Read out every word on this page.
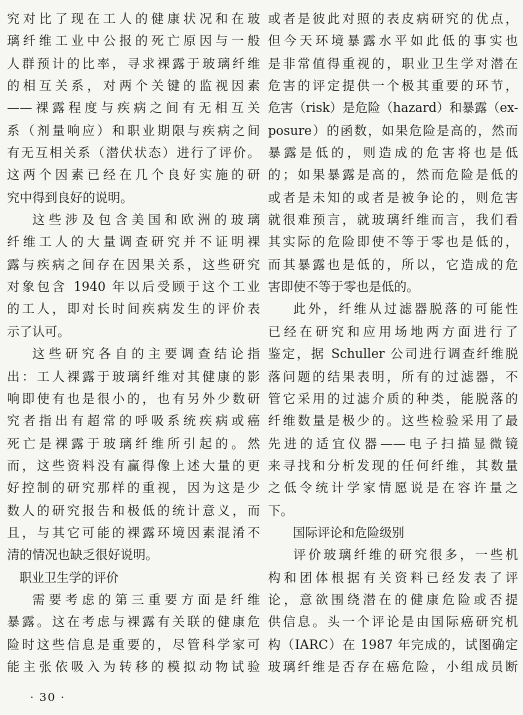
究对比了现在工人的健康状况和在玻
璃纤维工业中公报的死亡原因与一般
人群预计的比率，寻求裸露于玻璃纤维
的相互关系，对两个关键的监视因素
——裸露程度与疾病之间有无相互关
系（剂量响应）和职业期限与疾病之间
有无互相关系（潜伏状态）进行了评价。
这两个因素已经在几个良好实施的研
究中得到良好的说明。
这些涉及包含美国和欧洲的玻璃
纤维工人的大量调查研究并不证明裸
露与疾病之间存在因果关系，这些研究
对象包含 1940 年以后受顾于这个工业
的工人，即对长时间疾病发生的评价表
示了认可。
这些研究各自的主要调查结论指
出：工人裸露于玻璃纤维对其健康的影
响即使有也是很小的，也有另外少数研
究者指出有超常的呼吸系统疾病或癌
死亡是裸露于玻璃纤维所引起的。然
而，这些资料没有赢得像上述大量的更
好控制的研究那样的重视，因为这是少
数人的研究报告和极低的统计意义，而
且，与其它可能的裸露环境因素混淆不
清的情况也缺乏很好说明。
职业卫生学的评价
需要考虑的第三重要方面是纤维
暴露。这在考虑与裸露有关联的健康危
险时这些信息是重要的，尽管科学家可
能主张依吸入为转移的模拟动物试验
或者是彼此对照的表皮病研究的优点，
但今天环境暴露水平如此低的事实也
是非常值得重视的，职业卫生学对潜在
危害的评定提供一个极其重要的环节，
危害（risk）是危险（hazard）和暴露（ex-
posure）的函数，如果危险是高的，然而
暴露是低的，则造成的危害将也是低
的；如果暴露是高的，然而危险是低的
或者是未知的或者是被争论的，则危害
就很难预言，就玻璃纤维而言，我们看
其实际的危险即使不等于零也是低的，
而其暴露也是低的，所以，它造成的危
害即使不等于零也是低的。
此外，纤维从过滤器脱落的可能性
已经在研究和应用场地两方面进行了
鉴定，据 Schuller 公司进行调查纤维脱
落问题的结果表明，所有的过滤器，不
管它采用的过滤介质的种类，能脱落的
纤维数量是极少的。这些检验采用了最
先进的适宜仪器——电子扫描显微镜
来寻找和分析发现的任何纤维，其数量
之低令统计学家情愿说是在容许量之
下。
国际评论和危险级别
评价玻璃纤维的研究很多，一些机
构和团体根据有关资料已经发表了评
论，意欲围绕潜在的健康危险或否提
供信息。头一个评论是由国际癌研究机
构（IARC）在 1987 年完成的，试图确定
玻璃纤维是否存在癌危险，小组成员断
· 30 ·
